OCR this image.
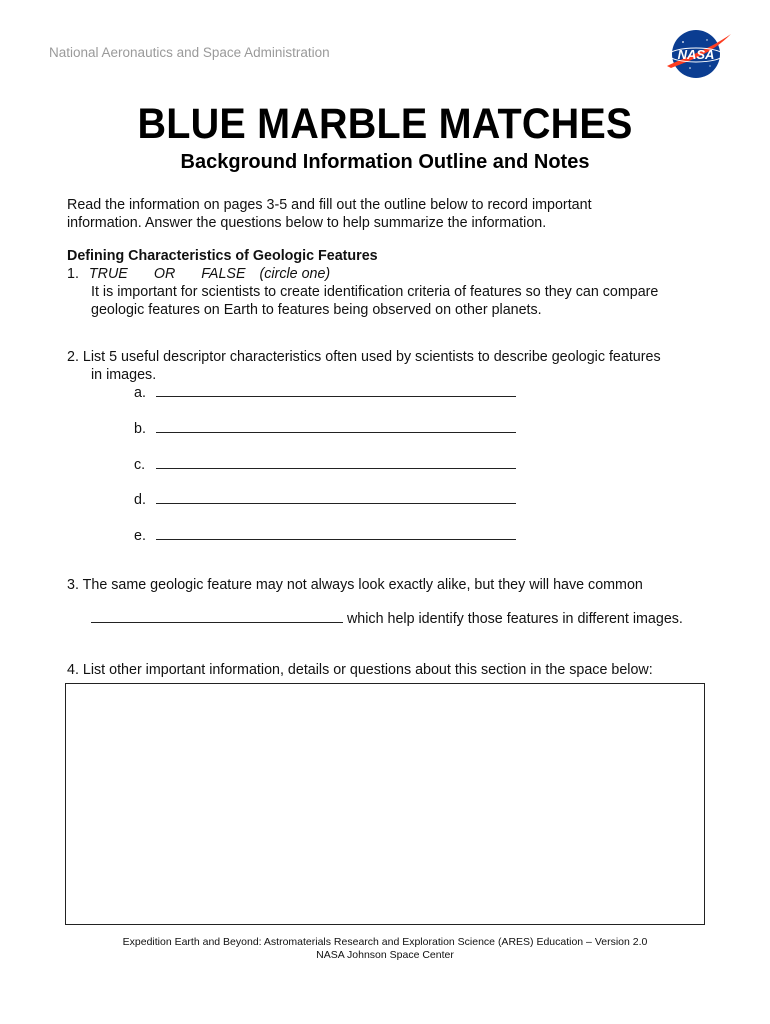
National Aeronautics and Space Administration	NASA
BLUE MARBLE MATCHES
Background Information Outline and Notes
Read the information on pages 3-5 and fill out the outline below to record important
information. Answer the questions below to help summarize the information.
Defining Characteristics of Geologic Features
1. TRUE OR FALSE (circle one)
It is important for scientists to create identification criteria of features so they can compare
geologic features on Earth to features being observed on other planets.
2. List 5 useful descriptor characteristics often used by scientists to describe geologic features
in images.
a.
b.
c.
d.
e.
3. The same geologic feature may not always look exactly alike, but they will have common
which help identify those features in different images.
4. List other important information, details or questions about this section in the space below:
Expedition Earth and Beyond: Astromaterials Research and Exploration Science (ARES) Education – Version 2.0
NASA Johnson Space Center
